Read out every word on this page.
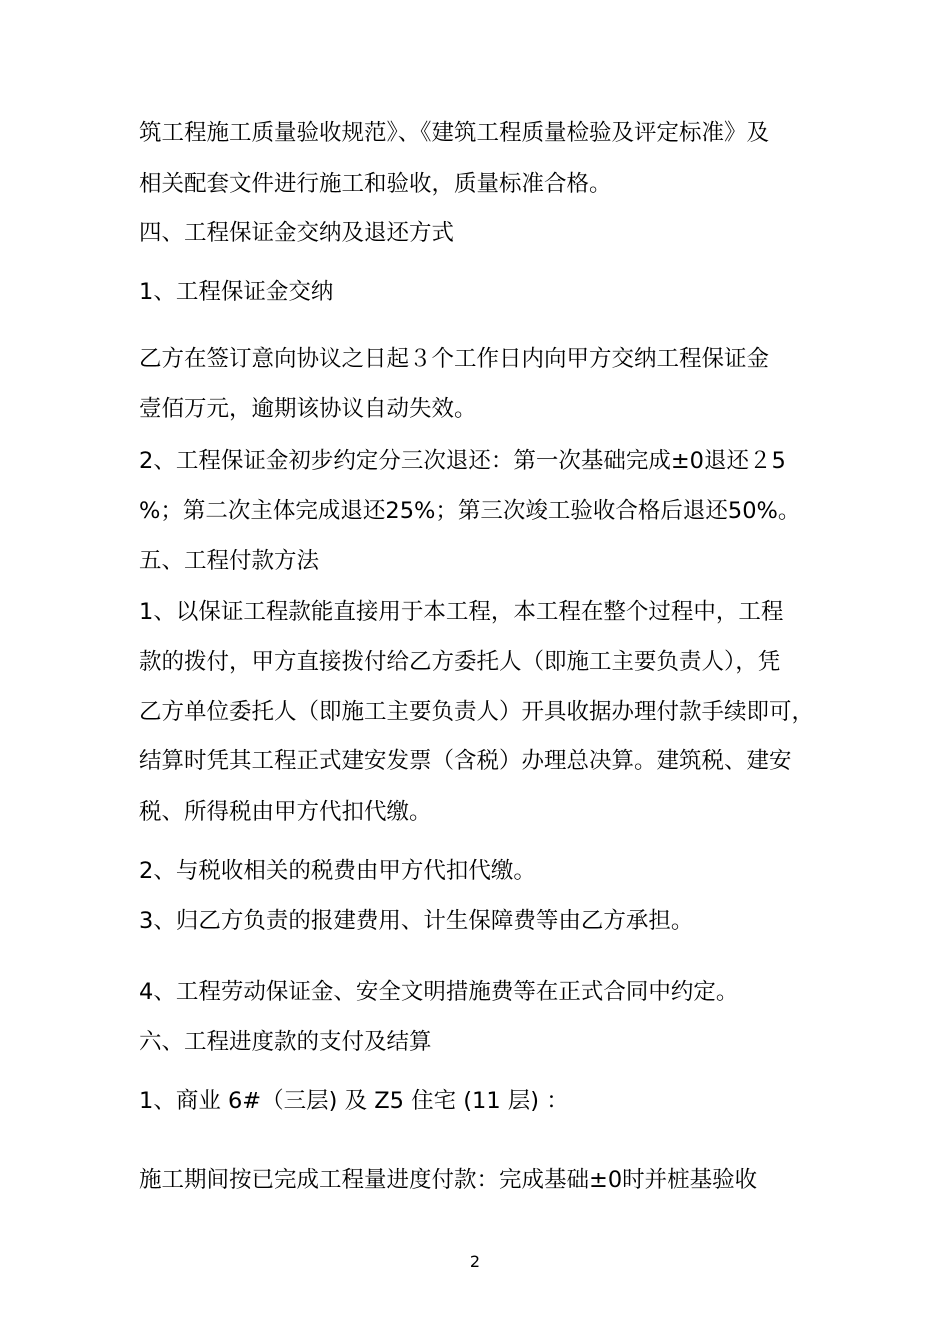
筑工程施工质量验收规范》、《建筑工程质量检验及评定标准》及

相关配套文件进行施工和验收，质量标准合格。

四、工程保证金交纳及退还方式

1、工程保证金交纳

乙方在签订意向协议之日起３个工作日内向甲方交纳工程保证金

壹佰万元，逾期该协议自动失效。

2、工程保证金初步约定分三次退还：第一次基础完成±0退还２5

%；第二次主体完成退还25%；第三次竣工验收合格后退还50%。

五、工程付款方法

1、以保证工程款能直接用于本工程，本工程在整个过程中，工程

款的拨付，甲方直接拨付给乙方委托人（即施工主要负责人），凭

乙方单位委托人（即施工主要负责人）开具收据办理付款手续即可，

结算时凭其工程正式建安发票（含税）办理总决算。建筑税、建安

税、所得税由甲方代扣代缴。

2、与税收相关的税费由甲方代扣代缴。

3、归乙方负责的报建费用、计生保障费等由乙方承担。

4、工程劳动保证金、安全文明措施费等在正式合同中约定。

六、工程进度款的支付及结算

1、商业 6#（三层) 及 Z5 住宅 (11 层) ：

施工期间按已完成工程量进度付款：完成基础±0时并桩基验收

2
